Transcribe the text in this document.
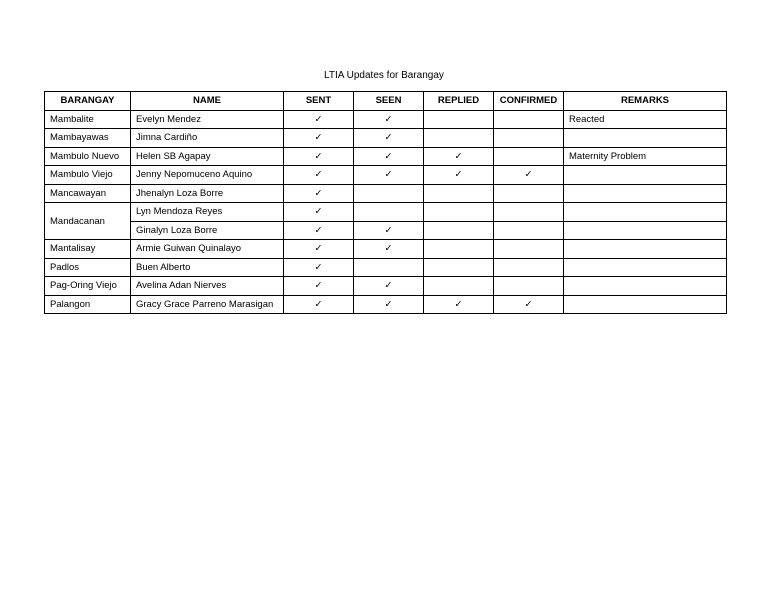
LTIA Updates for Barangay
BARANGAY	NAME	SENT	SEEN	REPLIED	CONFIRMED	REMARKS
Mambalite	Evelyn Mendez	✓	✓			Reacted
Mambayawas	Jimna Cardiño	✓	✓			
Mambulo Nuevo	Helen SB Agapay	✓	✓	✓		Maternity Problem
Mambulo Viejo	Jenny Nepomuceno Aquino	✓	✓	✓	✓	
Mancawayan	Jhenalyn Loza Borre	✓				
Mandacanan	Lyn Mendoza Reyes	✓				
	Ginalyn Loza Borre	✓	✓			
Mantalisay	Armie Guiwan Quinalayo	✓	✓			
Padlos	Buen Alberto	✓				
Pag-Oring Viejo	Avelina Adan Nierves	✓	✓			
Palangon	Gracy Grace Parreno Marasigan	✓	✓	✓	✓	
